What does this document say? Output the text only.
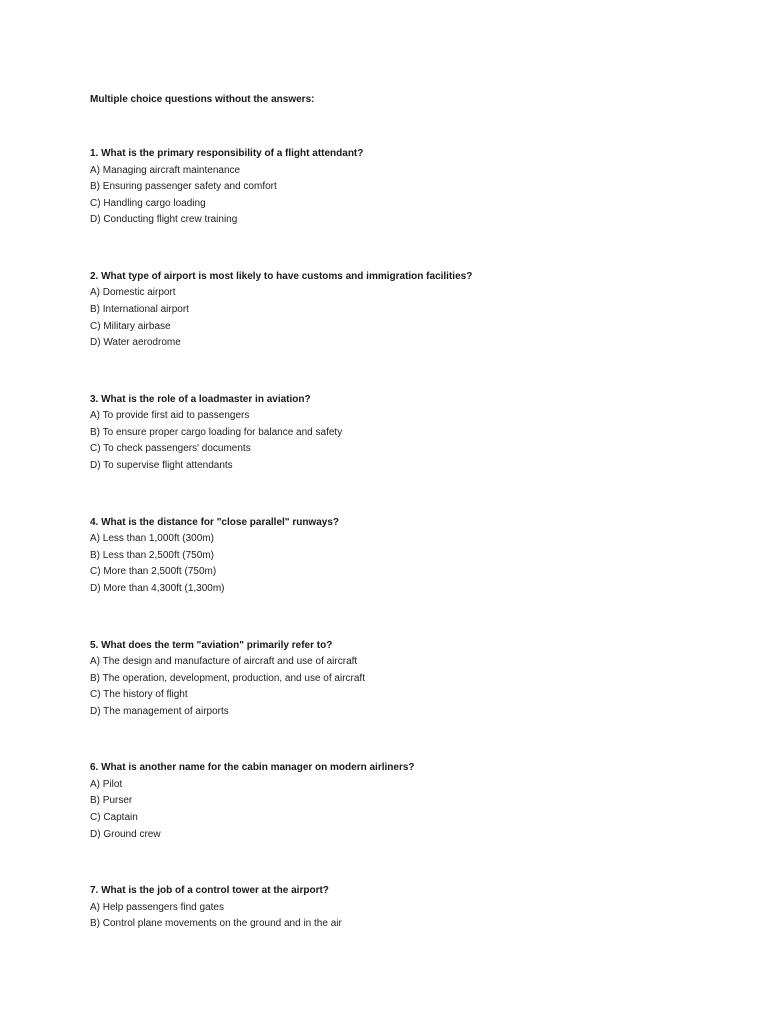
Multiple choice questions without the answers:

1. What is the primary responsibility of a flight attendant?

A) Managing aircraft maintenance
B) Ensuring passenger safety and comfort
C) Handling cargo loading
D) Conducting flight crew training

2. What type of airport is most likely to have customs and immigration facilities?

A) Domestic airport
B) International airport
C) Military airbase
D) Water aerodrome

3. What is the role of a loadmaster in aviation?

A) To provide first aid to passengers
B) To ensure proper cargo loading for balance and safety
C) To check passengers' documents
D) To supervise flight attendants

4. What is the distance for "close parallel" runways?

A) Less than 1,000ft (300m)
B) Less than 2,500ft (750m)
C) More than 2,500ft (750m)
D) More than 4,300ft (1,300m)

5. What does the term "aviation" primarily refer to?

A) The design and manufacture of aircraft and use of aircraft
B) The operation, development, production, and use of aircraft
C) The history of flight
D) The management of airports

6. What is another name for the cabin manager on modern airliners?

A) Pilot
B) Purser
C) Captain
D) Ground crew

7. What is the job of a control tower at the airport?

A) Help passengers find gates
B) Control plane movements on the ground and in the air
